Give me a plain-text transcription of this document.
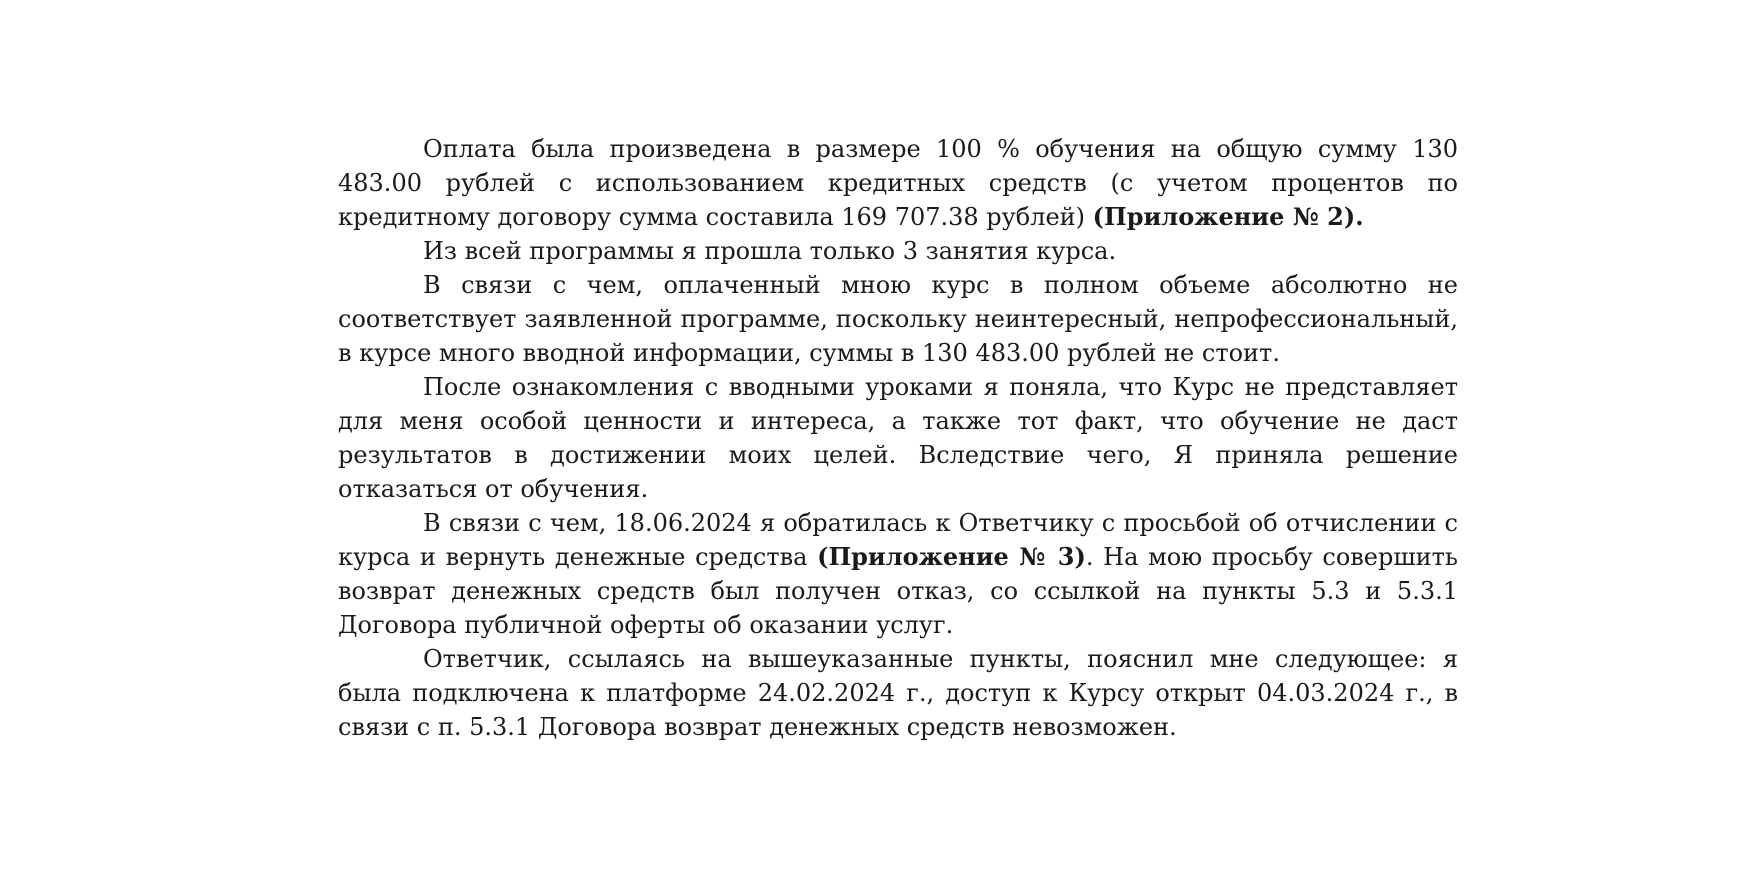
Оплата была произведена в размере 100 % обучения на общую сумму 130 483.00 рублей с использованием кредитных средств (с учетом процентов по кредитному договору сумма составила 169 707.38 рублей) (Приложение № 2).

Из всей программы я прошла только 3 занятия курса.

В связи с чем, оплаченный мною курс в полном объеме абсолютно не соответствует заявленной программе, поскольку неинтересный, непрофессиональный, в курсе много вводной информации, суммы в 130 483.00 рублей не стоит.

После ознакомления с вводными уроками я поняла, что Курс не представляет для меня особой ценности и интереса, а также тот факт, что обучение не даст результатов в достижении моих целей. Вследствие чего, Я приняла решение отказаться от обучения.

В связи с чем, 18.06.2024 я обратилась к Ответчику с просьбой об отчислении с курса и вернуть денежные средства (Приложение № 3). На мою просьбу совершить возврат денежных средств был получен отказ, со ссылкой на пункты 5.3 и 5.3.1 Договора публичной оферты об оказании услуг.

Ответчик, ссылаясь на вышеуказанные пункты, пояснил мне следующее: я была подключена к платформе 24.02.2024 г., доступ к Курсу открыт 04.03.2024 г., в связи с п. 5.3.1 Договора возврат денежных средств невозможен.
